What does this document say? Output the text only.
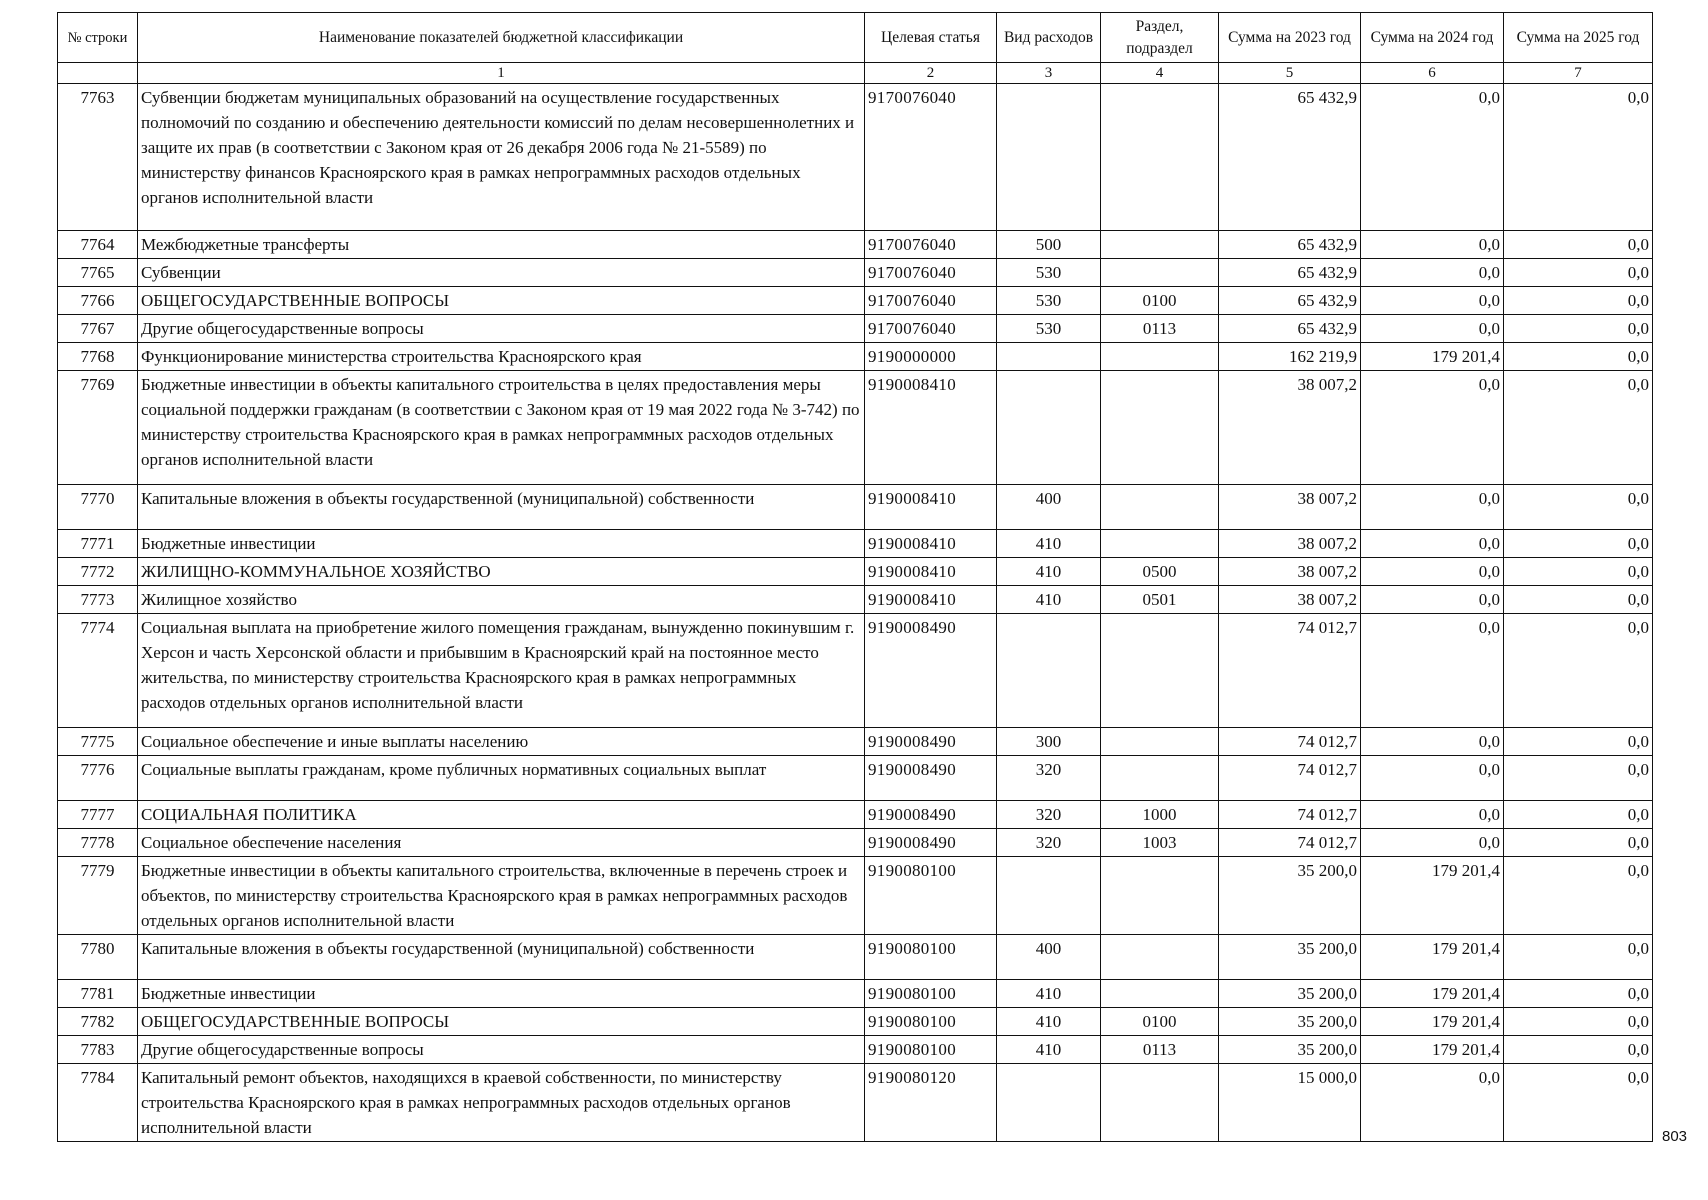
№ строки	Наименование показателей бюджетной классификации	Целевая статья	Вид расходов	Раздел, подраздел	Сумма на 2023 год	Сумма на 2024 год	Сумма на 2025 год
	1	2	3	4	5	6	7
7763	Субвенции бюджетам муниципальных образований на осуществление государственных полномочий по созданию и обеспечению деятельности комиссий по делам несовершеннолетних и защите их прав (в соответствии с Законом края от 26 декабря 2006 года № 21-5589) по министерству финансов Красноярского края в рамках непрограммных расходов отдельных органов исполнительной власти	9170076040			65 432,9	0,0	0,0
7764	Межбюджетные трансферты	9170076040	500		65 432,9	0,0	0,0
7765	Субвенции	9170076040	530		65 432,9	0,0	0,0
7766	ОБЩЕГОСУДАРСТВЕННЫЕ ВОПРОСЫ	9170076040	530	0100	65 432,9	0,0	0,0
7767	Другие общегосударственные вопросы	9170076040	530	0113	65 432,9	0,0	0,0
7768	Функционирование министерства строительства Красноярского края	9190000000			162 219,9	179 201,4	0,0
7769	Бюджетные инвестиции в объекты капитального строительства в целях предоставления меры социальной поддержки гражданам (в соответствии с Законом края от 19 мая 2022 года № 3-742) по министерству строительства Красноярского края в рамках непрограммных расходов отдельных органов исполнительной власти	9190008410			38 007,2	0,0	0,0
7770	Капитальные вложения в объекты государственной (муниципальной) собственности	9190008410	400		38 007,2	0,0	0,0
7771	Бюджетные инвестиции	9190008410	410		38 007,2	0,0	0,0
7772	ЖИЛИЩНО-КОММУНАЛЬНОЕ ХОЗЯЙСТВО	9190008410	410	0500	38 007,2	0,0	0,0
7773	Жилищное хозяйство	9190008410	410	0501	38 007,2	0,0	0,0
7774	Социальная выплата на приобретение жилого помещения гражданам, вынужденно покинувшим г. Херсон и часть Херсонской области и прибывшим в Красноярский край на постоянное место жительства, по министерству строительства Красноярского края в рамках непрограммных расходов отдельных органов исполнительной власти	9190008490			74 012,7	0,0	0,0
7775	Социальное обеспечение и иные выплаты населению	9190008490	300		74 012,7	0,0	0,0
7776	Социальные выплаты гражданам, кроме публичных нормативных социальных выплат	9190008490	320		74 012,7	0,0	0,0
7777	СОЦИАЛЬНАЯ ПОЛИТИКА	9190008490	320	1000	74 012,7	0,0	0,0
7778	Социальное обеспечение населения	9190008490	320	1003	74 012,7	0,0	0,0
7779	Бюджетные инвестиции в объекты капитального строительства, включенные в перечень строек и объектов, по министерству строительства Красноярского края в рамках непрограммных расходов отдельных органов исполнительной власти	9190080100			35 200,0	179 201,4	0,0
7780	Капитальные вложения в объекты государственной (муниципальной) собственности	9190080100	400		35 200,0	179 201,4	0,0
7781	Бюджетные инвестиции	9190080100	410		35 200,0	179 201,4	0,0
7782	ОБЩЕГОСУДАРСТВЕННЫЕ ВОПРОСЫ	9190080100	410	0100	35 200,0	179 201,4	0,0
7783	Другие общегосударственные вопросы	9190080100	410	0113	35 200,0	179 201,4	0,0
7784	Капитальный ремонт объектов, находящихся в краевой собственности, по министерству строительства Красноярского края в рамках непрограммных расходов отдельных органов исполнительной власти	9190080120			15 000,0	0,0	0,0
803
